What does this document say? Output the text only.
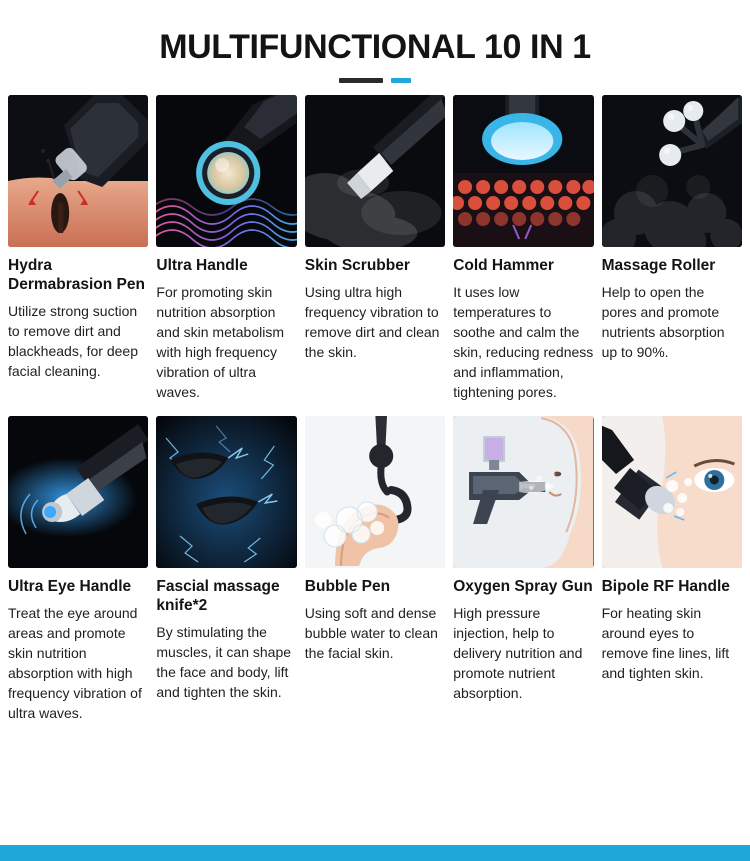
MULTIFUNCTIONAL 10 IN 1
Hydra Dermabrasion Pen
Utilize strong suction to remove dirt and blackheads, for deep facial cleaning.
Ultra Handle
For promoting skin nutrition absorption and skin metabolism with high frequency vibration of ultra waves.
Skin Scrubber
Using ultra high frequency vibration to remove dirt and clean the skin.
Cold Hammer
It uses low temperatures to soothe and calm the skin, reducing redness and inflammation, tightening pores.
Massage Roller
Help to open the pores and promote nutrients absorption up to 90%.
Ultra Eye Handle
Treat the eye around areas and promote skin nutrition absorption with high frequency vibration of ultra waves.
Fascial massage knife*2
By stimulating the muscles, it can shape the face and body, lift and tighten the skin.
Bubble Pen
Using soft and dense bubble water to clean the facial skin.
Oxygen Spray Gun
High pressure injection, help to delivery nutrition and promote nutrient absorption.
Bipole RF Handle
For heating skin around eyes to remove fine lines, lift and tighten skin.
